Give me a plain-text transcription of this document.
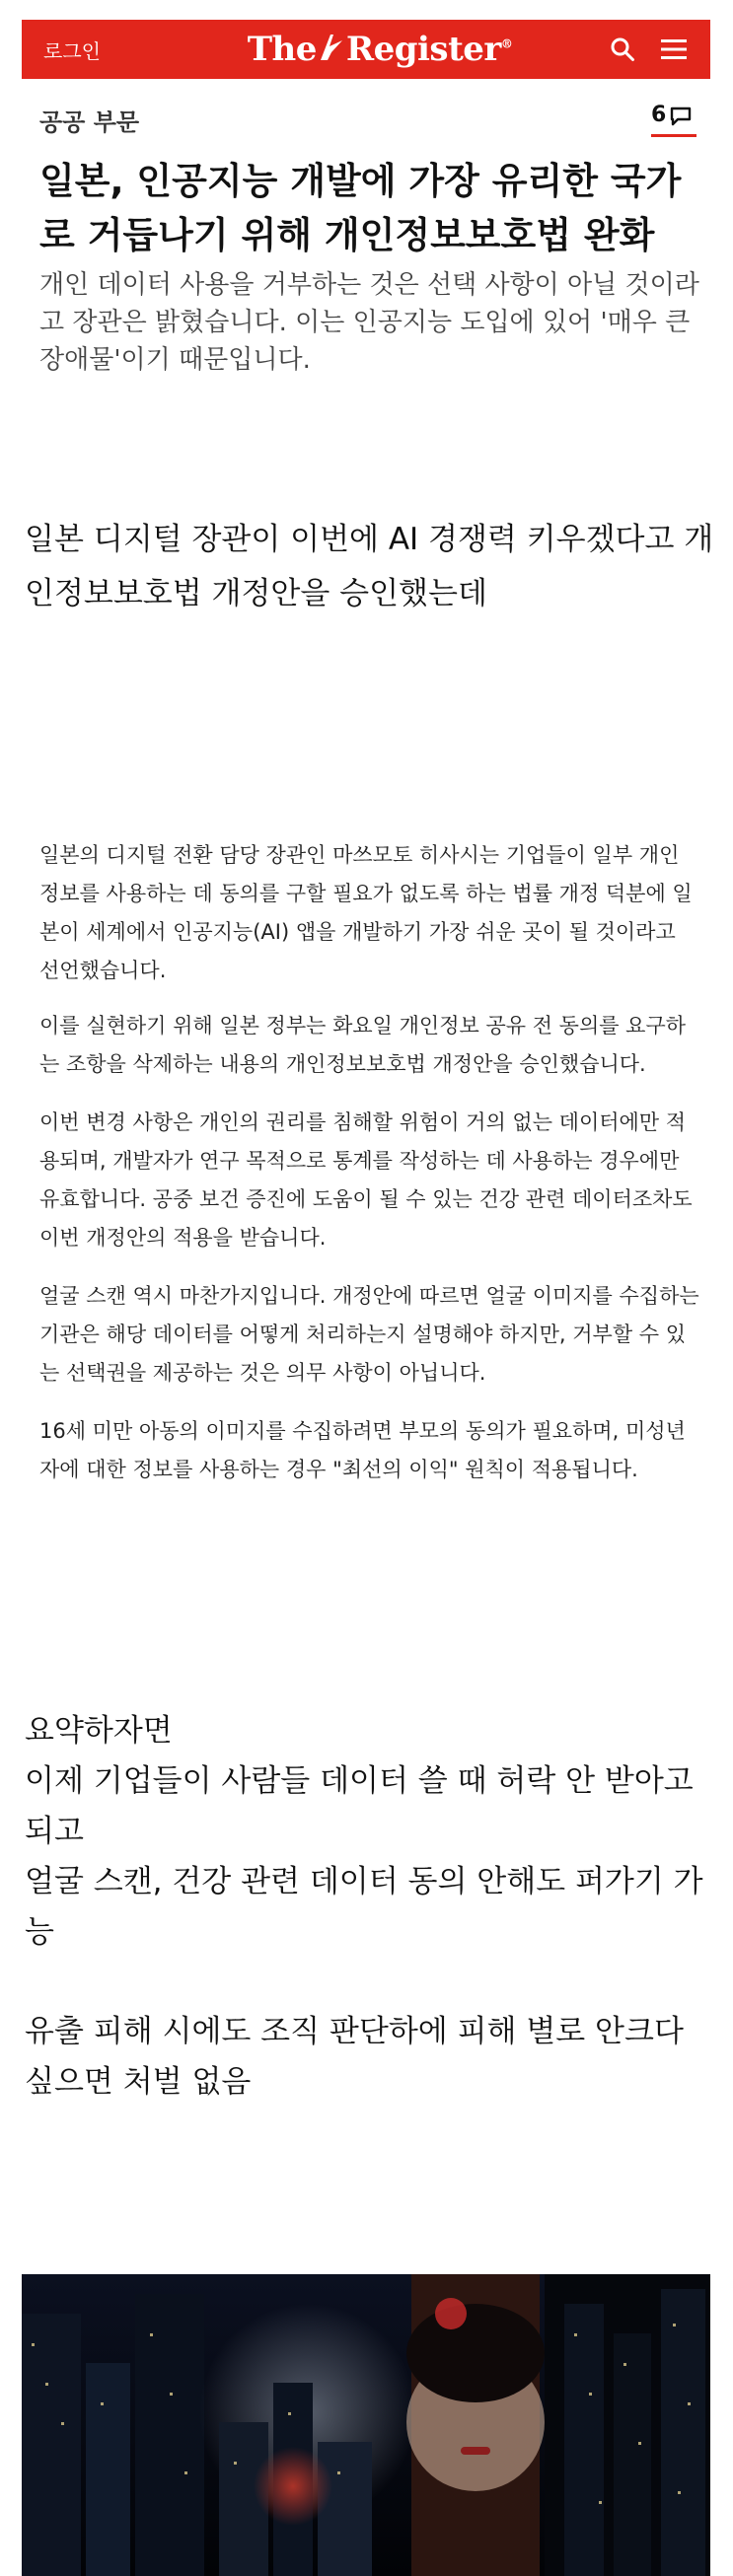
로그인	The Register®
공공 부문	6
일본, 인공지능 개발에 가장 유리한 국가로 거듭나기 위해 개인정보보호법 완화

개인 데이터 사용을 거부하는 것은 선택 사항이 아닐 것이라고 장관은 밝혔습니다. 이는 인공지능 도입에 있어 '매우 큰 장애물'이기 때문입니다.

일본 디지털 장관이 이번에 AI 경쟁력 키우겠다고 개인정보보호법 개정안을 승인했는데

일본의 디지털 전환 담당 장관인 마쓰모토 히사시는 기업들이 일부 개인 정보를 사용하는 데 동의를 구할 필요가 없도록 하는 법률 개정 덕분에 일본이 세계에서 인공지능(AI) 앱을 개발하기 가장 쉬운 곳이 될 것이라고 선언했습니다.

이를 실현하기 위해 일본 정부는 화요일 개인정보 공유 전 동의를 요구하는 조항을 삭제하는 내용의 개인정보보호법 개정안을 승인했습니다.

이번 변경 사항은 개인의 권리를 침해할 위험이 거의 없는 데이터에만 적용되며, 개발자가 연구 목적으로 통계를 작성하는 데 사용하는 경우에만 유효합니다. 공중 보건 증진에 도움이 될 수 있는 건강 관련 데이터조차도 이번 개정안의 적용을 받습니다.

얼굴 스캔 역시 마찬가지입니다. 개정안에 따르면 얼굴 이미지를 수집하는 기관은 해당 데이터를 어떻게 처리하는지 설명해야 하지만, 거부할 수 있는 선택권을 제공하는 것은 의무 사항이 아닙니다.

16세 미만 아동의 이미지를 수집하려면 부모의 동의가 필요하며, 미성년자에 대한 정보를 사용하는 경우 "최선의 이익" 원칙이 적용됩니다.

요약하자면
이제 기업들이 사람들 데이터 쓸 때 허락 안 받아고 되고
얼굴 스캔, 건강 관련 데이터 동의 안해도 퍼가기 가능
유출 피해 시에도 조직 판단하에 피해 별로 안크다 싶으면 처벌 없음
